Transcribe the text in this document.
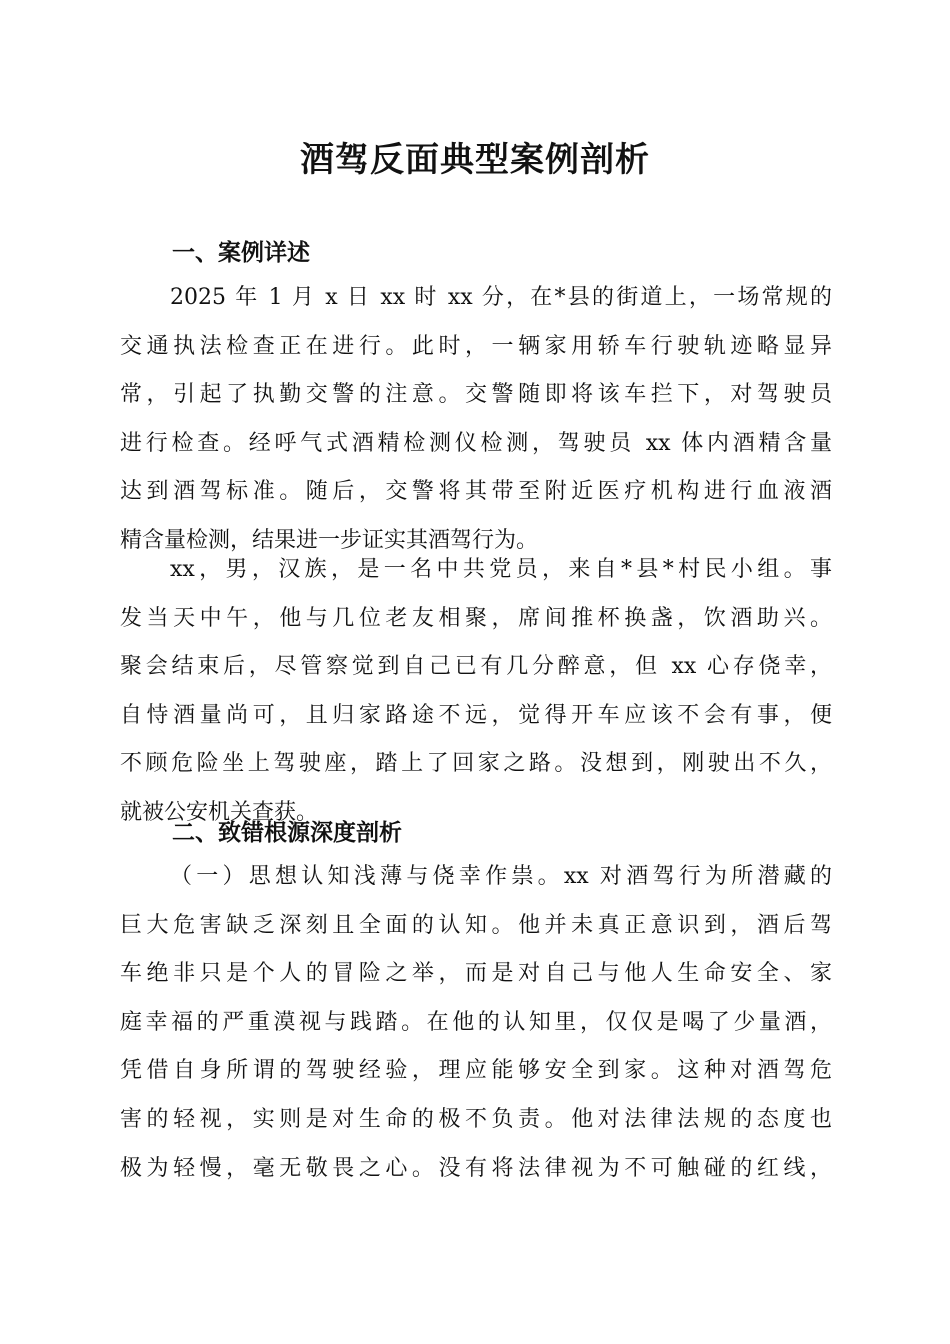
酒驾反面典型案例剖析
一、案例详述
2025 年 1 月 x 日 xx 时 xx 分，在*县的街道上，一场常规的
交通执法检查正在进行。此时，一辆家用轿车行驶轨迹略显异
常，引起了执勤交警的注意。交警随即将该车拦下，对驾驶员
进行检查。经呼气式酒精检测仪检测，驾驶员 xx 体内酒精含量
达到酒驾标准。随后，交警将其带至附近医疗机构进行血液酒
精含量检测，结果进一步证实其酒驾行为。
xx，男，汉族，是一名中共党员，来自*县*村民小组。事
发当天中午，他与几位老友相聚，席间推杯换盏，饮酒助兴。
聚会结束后，尽管察觉到自己已有几分醉意，但 xx 心存侥幸，
自恃酒量尚可，且归家路途不远，觉得开车应该不会有事，便
不顾危险坐上驾驶座，踏上了回家之路。没想到，刚驶出不久，
就被公安机关查获。
二、致错根源深度剖析
（一）思想认知浅薄与侥幸作祟。xx 对酒驾行为所潜藏的
巨大危害缺乏深刻且全面的认知。他并未真正意识到，酒后驾
车绝非只是个人的冒险之举，而是对自己与他人生命安全、家
庭幸福的严重漠视与践踏。在他的认知里，仅仅是喝了少量酒，
凭借自身所谓的驾驶经验，理应能够安全到家。这种对酒驾危
害的轻视，实则是对生命的极不负责。他对法律法规的态度也
极为轻慢，毫无敬畏之心。没有将法律视为不可触碰的红线，
